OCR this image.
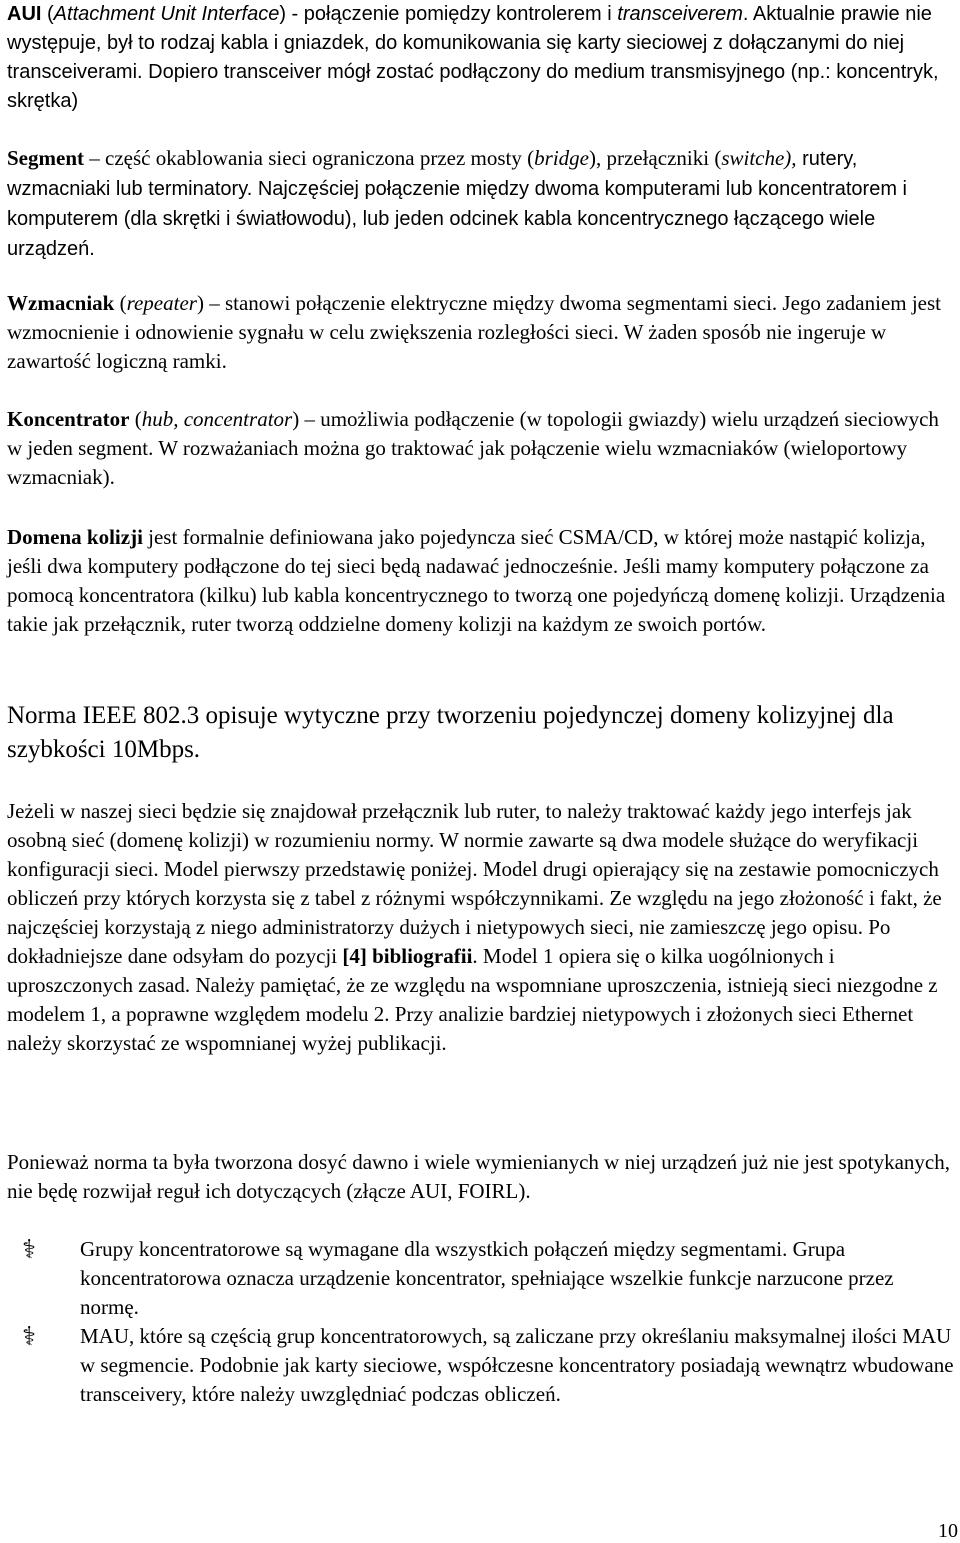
AUI (Attachment Unit Interface) - połączenie pomiędzy kontrolerem i transceiverem. Aktualnie prawie nie występuje, był to rodzaj kabla i gniazdek, do komunikowania się karty sieciowej z dołączanymi do niej transceiverami. Dopiero transceiver mógł zostać podłączony do medium transmisyjnego (np.: koncentryk, skrętka)

Segment – część okablowania sieci ograniczona przez mosty (bridge), przełączniki (switche), rutery, wzmacniaki lub terminatory. Najczęściej połączenie między dwoma komputerami lub koncentratorem i komputerem (dla skrętki i światłowodu), lub jeden odcinek kabla koncentrycznego łączącego wiele urządzeń.

Wzmacniak (repeater) – stanowi połączenie elektryczne między dwoma segmentami sieci. Jego zadaniem jest wzmocnienie i odnowienie sygnału w celu zwiększenia rozległości sieci. W żaden sposób nie ingeruje w zawartość logiczną ramki.

Koncentrator (hub, concentrator) – umożliwia podłączenie (w topologii gwiazdy) wielu urządzeń sieciowych w jeden segment. W rozważaniach można go traktować jak połączenie wielu wzmacniaków (wieloportowy wzmacniak).

Domena kolizji jest formalnie definiowana jako pojedyncza sieć CSMA/CD, w której może nastąpić kolizja, jeśli dwa komputery podłączone do tej sieci będą nadawać jednocześnie. Jeśli mamy komputery połączone za pomocą koncentratora (kilku) lub kabla koncentrycznego to tworzą one pojedyńczą domenę kolizji. Urządzenia takie jak przełącznik, ruter tworzą oddzielne domeny kolizji na każdym ze swoich portów.

Norma IEEE 802.3 opisuje wytyczne przy tworzeniu pojedynczej domeny kolizyjnej dla szybkości 10Mbps.

Jeżeli w naszej sieci będzie się znajdował przełącznik lub ruter, to należy traktować każdy jego interfejs jak osobną sieć (domenę kolizji) w rozumieniu normy. W normie zawarte są dwa modele służące do weryfikacji konfiguracji sieci. Model pierwszy przedstawię poniżej. Model drugi opierający się na zestawie pomocniczych obliczeń przy których korzysta się z tabel z różnymi współczynnikami. Ze względu na jego złożoność i fakt, że najczęściej korzystają z niego administratorzy dużych i nietypowych sieci, nie zamieszczę jego opisu. Po dokładniejsze dane odsyłam do pozycji [4] bibliografii. Model 1 opiera się o kilka uogólnionych i uproszczonych zasad. Należy pamiętać, że ze względu na wspomniane uproszczenia, istnieją sieci niezgodne z modelem 1, a poprawne względem modelu 2. Przy analizie bardziej nietypowych i złożonych sieci Ethernet należy skorzystać ze wspomnianej wyżej publikacji.

Ponieważ norma ta była tworzona dosyć dawno i wiele wymienianych w niej urządzeń już nie jest spotykanych, nie będę rozwijał reguł ich dotyczących (złącze AUI, FOIRL).

⚕	Grupy koncentratorowe są wymagane dla wszystkich połączeń między segmentami. Grupa koncentratorowa oznacza urządzenie koncentrator, spełniające wszelkie funkcje narzucone przez normę.

⚕	MAU, które są częścią grup koncentratorowych, są zaliczane przy określaniu maksymalnej ilości MAU w segmencie. Podobnie jak karty sieciowe, współczesne koncentratory posiadają wewnątrz wbudowane transceivery, które należy uwzględniać podczas obliczeń.

10
